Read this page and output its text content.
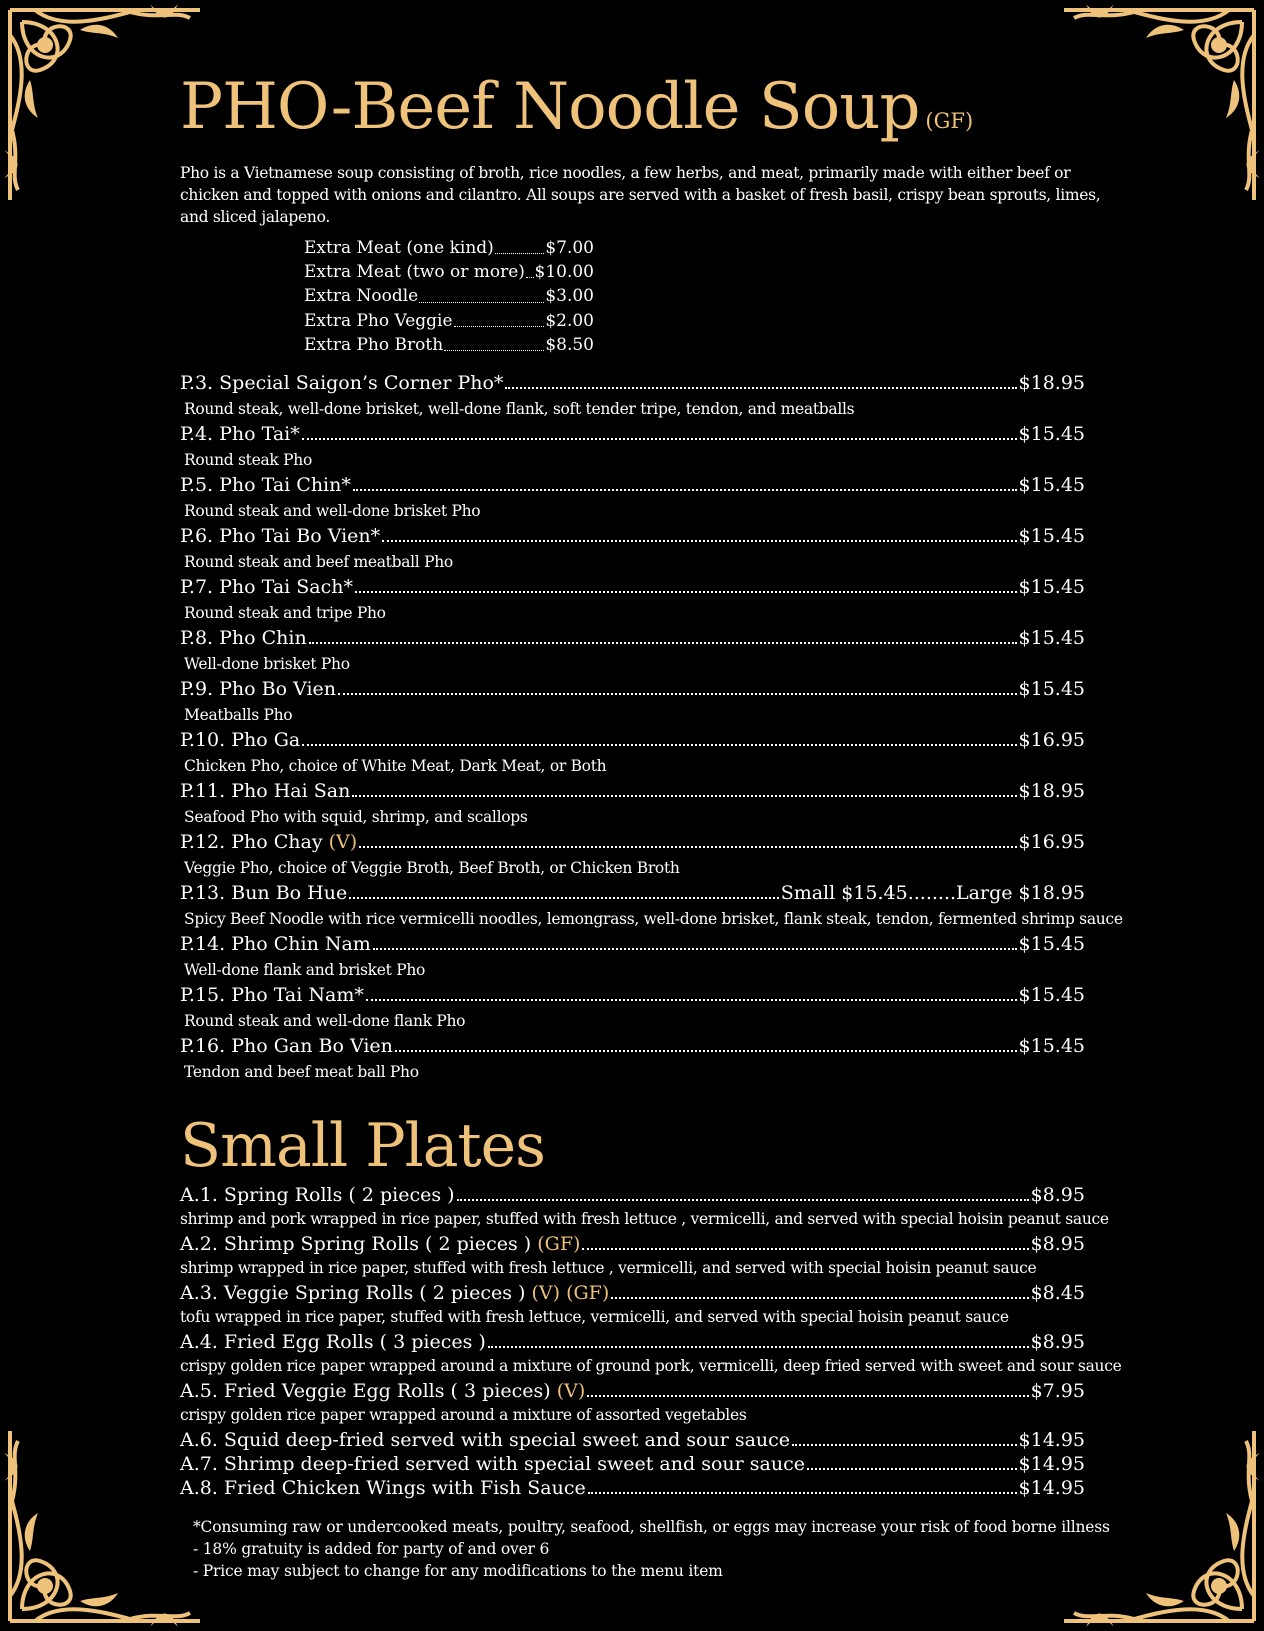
PHO-Beef Noodle Soup (GF)

Pho is a Vietnamese soup consisting of broth, rice noodles, a few herbs, and meat, primarily made with either beef or chicken and topped with onions and cilantro. All soups are served with a basket of fresh basil, crispy bean sprouts, limes, and sliced jalapeno.

Extra Meat (one kind)	$7.00
Extra Meat (two or more) $10.00
Extra Noodle	$3.00
Extra Pho Veggie	$2.00
Extra Pho Broth	$8.50
P.3. Special Saigon’s Corner Pho*	$18.95
Round steak, well-done brisket, well-done flank, soft tender tripe, tendon, and meatballs
P.4. Pho Tai*	$15.45
Round steak Pho
P.5. Pho Tai Chin*	$15.45
Round steak and well-done brisket Pho
P.6. Pho Tai Bo Vien*	$15.45
Round steak and beef meatball Pho
P.7. Pho Tai Sach*	$15.45
Round steak and tripe Pho
P.8. Pho Chin	$15.45
Well-done brisket Pho
P.9. Pho Bo Vien	$15.45
Meatballs Pho
P.10. Pho Ga	$16.95
Chicken Pho, choice of White Meat, Dark Meat, or Both
P.11. Pho Hai San	$18.95
Seafood Pho with squid, shrimp, and scallops
P.12. Pho Chay (V)	$16.95
Veggie Pho, choice of Veggie Broth, Beef Broth, or Chicken Broth
P.13. Bun Bo Hue	Small $15.45........Large $18.95
Spicy Beef Noodle with rice vermicelli noodles, lemongrass, well-done brisket, flank steak, tendon, fermented shrimp sauce
P.14. Pho Chin Nam	$15.45
Well-done flank and brisket Pho
P.15. Pho Tai Nam*	$15.45
Round steak and well-done flank Pho
P.16. Pho Gan Bo Vien	$15.45
Tendon and beef meat ball Pho
Small Plates
A.1. Spring Rolls ( 2 pieces )	$8.95
shrimp and pork wrapped in rice paper, stuffed with fresh lettuce , vermicelli, and served with special hoisin peanut sauce
A.2. Shrimp Spring Rolls ( 2 pieces ) (GF)	$8.95
shrimp wrapped in rice paper, stuffed with fresh lettuce , vermicelli, and served with special hoisin peanut sauce
A.3. Veggie Spring Rolls ( 2 pieces ) (V) (GF)	$8.45
tofu wrapped in rice paper, stuffed with fresh lettuce, vermicelli, and served with special hoisin peanut sauce
A.4. Fried Egg Rolls ( 3 pieces )	$8.95
crispy golden rice paper wrapped around a mixture of ground pork, vermicelli, deep fried served with sweet and sour sauce
A.5. Fried Veggie Egg Rolls ( 3 pieces) (V)	$7.95
crispy golden rice paper wrapped around a mixture of assorted vegetables
A.6. Squid deep-fried served with special sweet and sour sauce	$14.95
A.7. Shrimp deep-fried served with special sweet and sour sauce	$14.95
A.8. Fried Chicken Wings with Fish Sauce	$14.95
*Consuming raw or undercooked meats, poultry, seafood, shellfish, or eggs may increase your risk of food borne illness
- 18% gratuity is added for party of and over 6
- Price may subject to change for any modifications to the menu item
